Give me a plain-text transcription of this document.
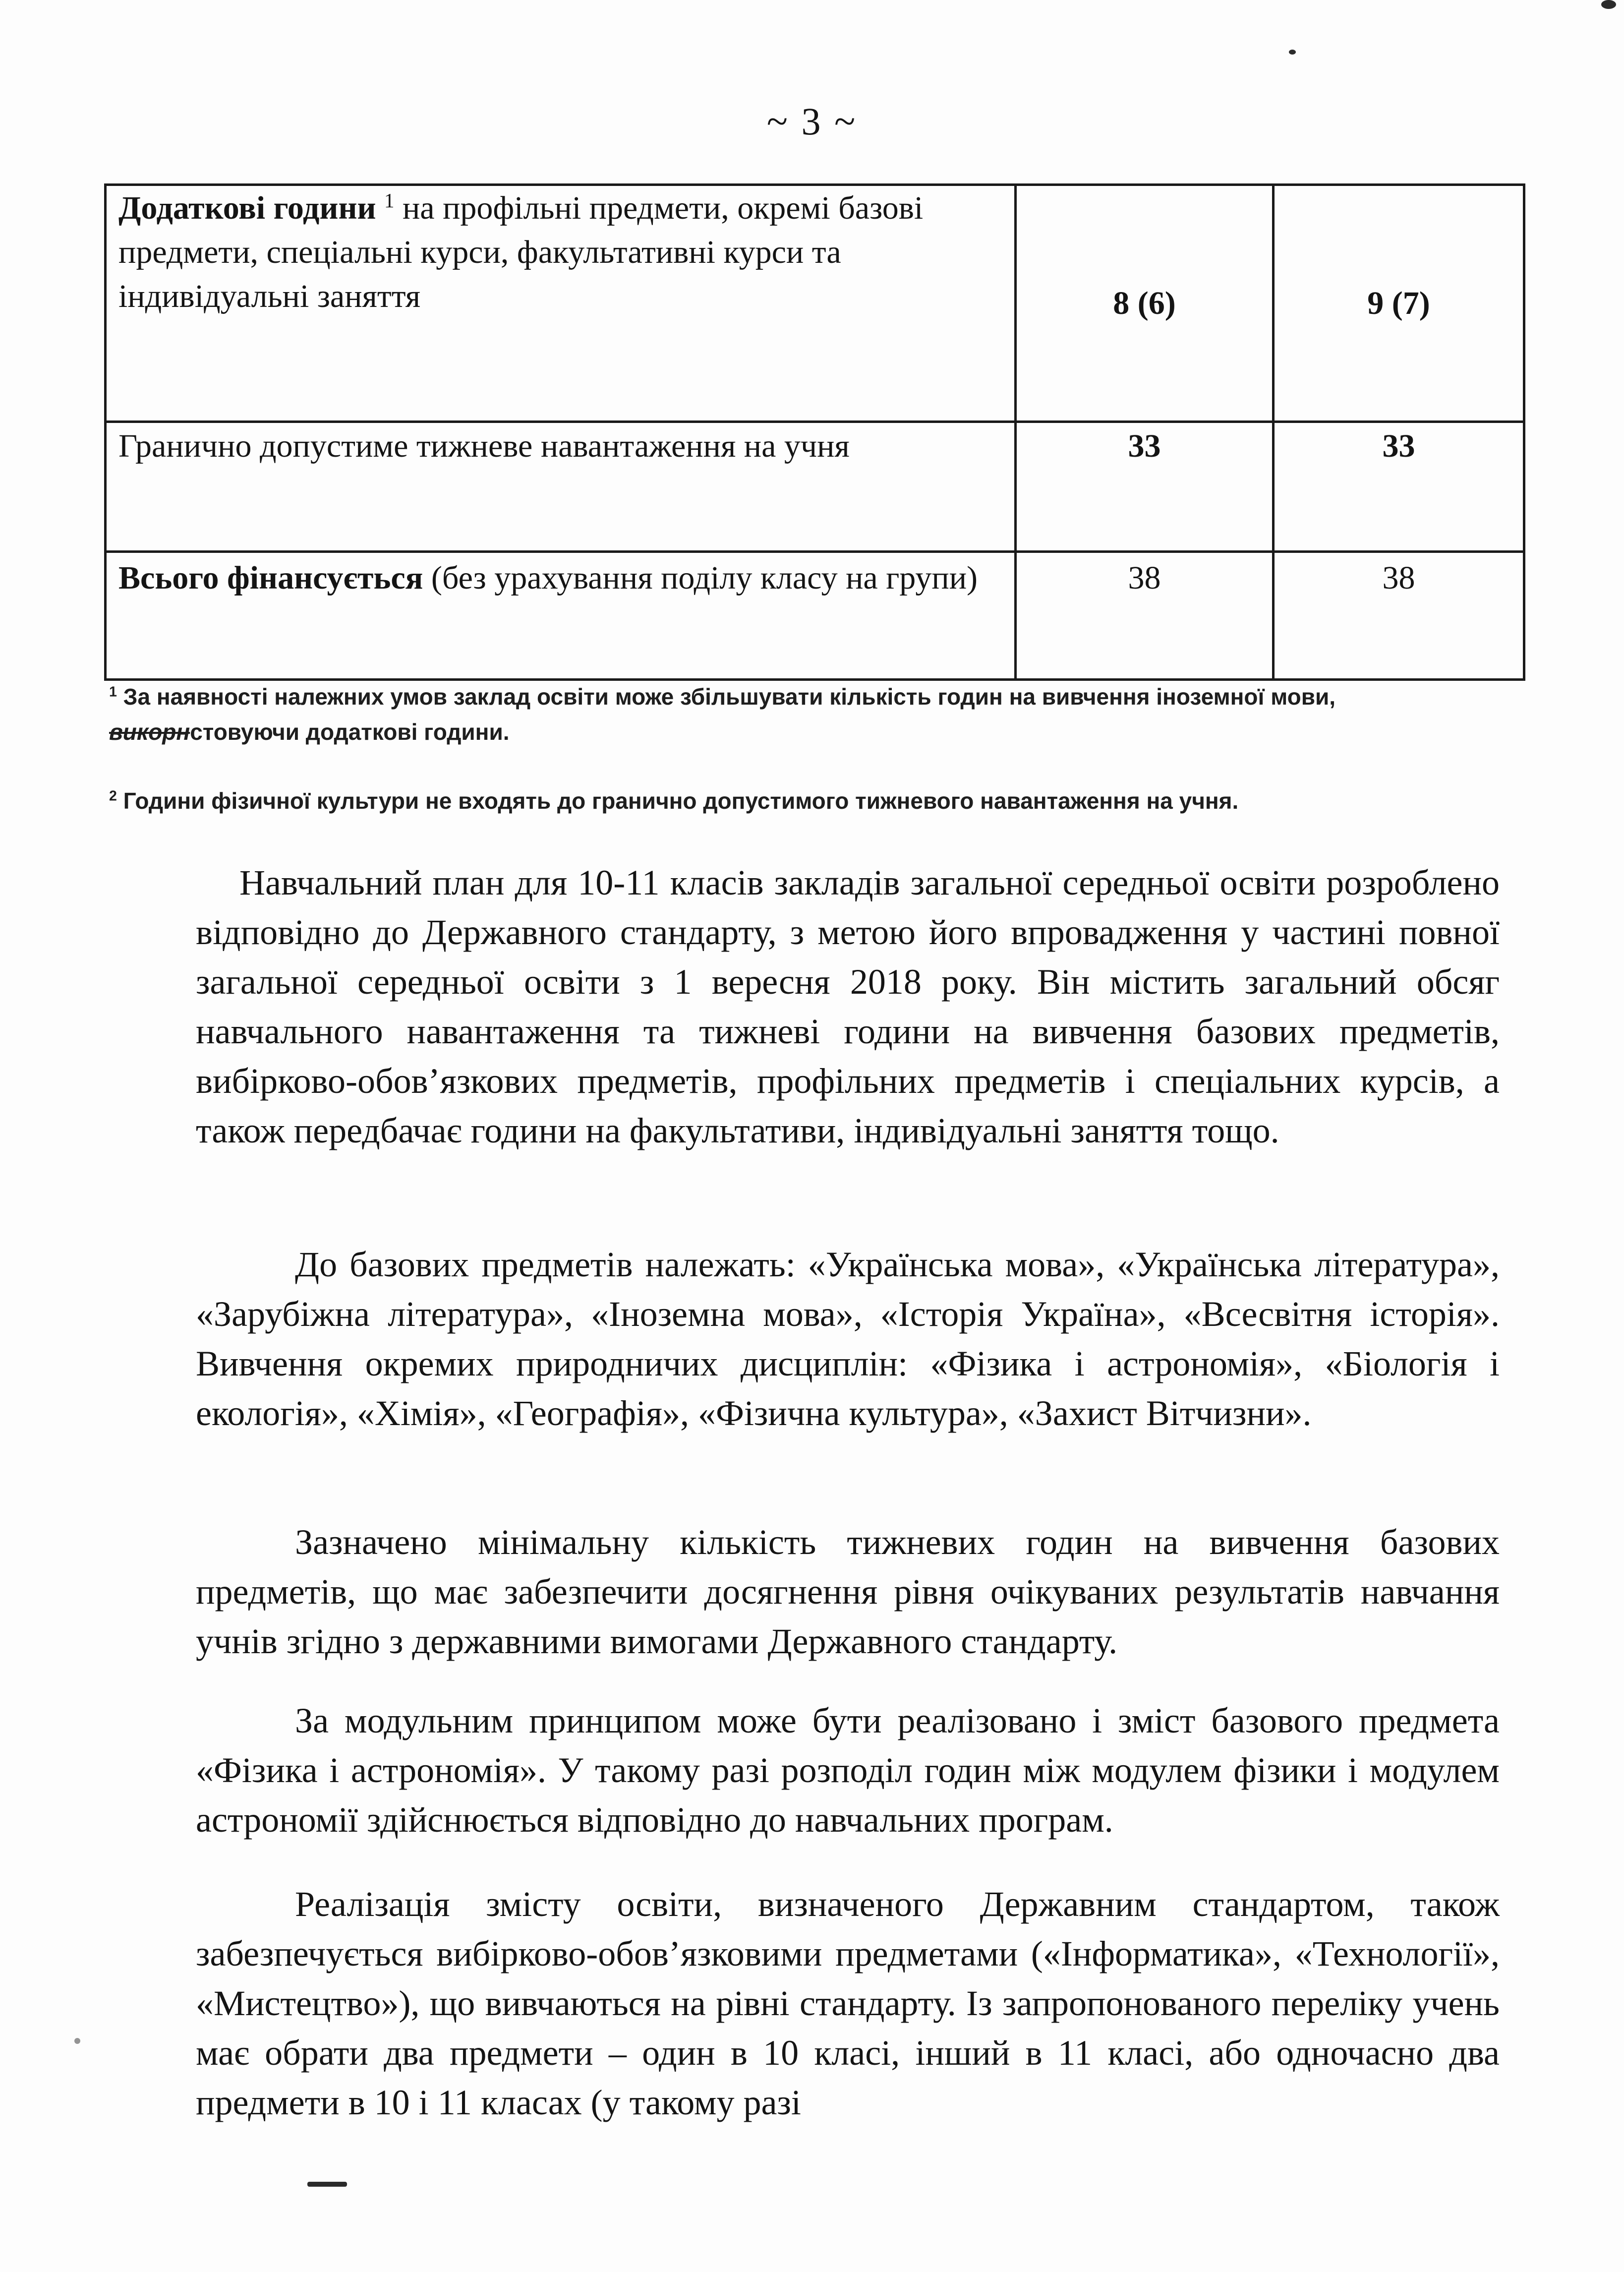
~ 3 ~
Додаткові години $^1$ на профільні предмети, окремі базові предмети, спеціальні курси, факультативні курси та індивідуальні заняття	8 (6)	9 (7)
Гранично допустиме тижневе навантаження на учня	33	33
Всього фінансується (без урахування поділу класу на групи)	38	38
$^1$ За наявності належних умов заклад освіти може збільшувати кількість годин на вивчення іноземної мови, викорнстовуючи додаткові години.
$^2$ Години фізичної культури не входять до гранично допустимого тижневого навантаження на учня.

Навчальний план для 10-11 класів закладів загальної середньої освіти розроблено відповідно до Державного стандарту, з метою його впровадження у частині повної загальної середньої освіти з 1 вересня 2018 року. Він містить загальний обсяг навчального навантаження та тижневі години на вивчення базових предметів, вибірково-обов’язкових предметів, профільних предметів і спеціальних курсів, а також передбачає години на факультативи, індивідуальні заняття тощо.

До базових предметів належать: «Українська мова», «Українська література», «Зарубіжна література», «Іноземна мова», «Історія Україна», «Всесвітня історія». Вивчення окремих природничих дисциплін: «Фізика і астрономія», «Біологія і екологія», «Хімія», «Географія», «Фізична культура», «Захист Вітчизни».

Зазначено мінімальну кількість тижневих годин на вивчення базових предметів, що має забезпечити досягнення рівня очікуваних результатів навчання учнів згідно з державними вимогами Державного стандарту.

За модульним принципом може бути реалізовано і зміст базового предмета «Фізика і астрономія». У такому разі розподіл годин між модулем фізики і модулем астрономії здійснюється відповідно до навчальних програм.

Реалізація змісту освіти, визначеного Державним стандартом, також забезпечується вибірково-обов’язковими предметами («Інформатика», «Технології», «Мистецтво»), що вивчаються на рівні стандарту. Із запропонованого переліку учень має обрати два предмети – один в 10 класі, інший в 11 класі, або одночасно два предмети в 10 і 11 класах (у такому разі
